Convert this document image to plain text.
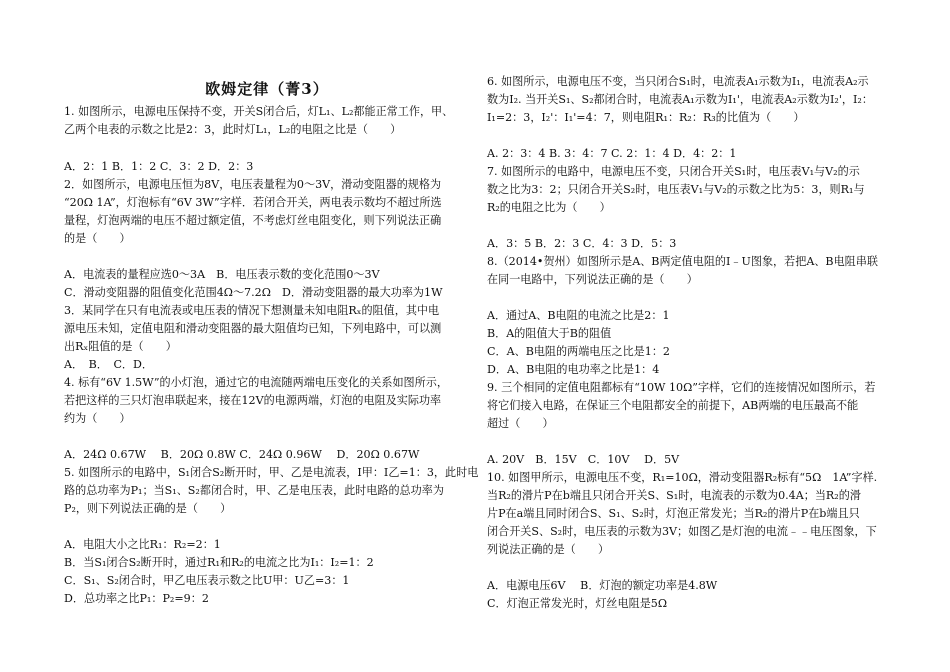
欧姆定律（菁3）
1. 如图所示，电源电压保持不变，开关S闭合后，灯L₁、L₂都能正常工作，甲、
乙两个电表的示数之比是2：3，此时灯L₁，L₂的电阻之比是（　　）
A．2：1 B．1：2 C．3：2 D．2：3
2．如图所示，电源电压恒为8V，电压表量程为0～3V，滑动变阻器的规格为
“20Ω 1A”，灯泡标有“6V 3W”字样．若闭合开关，两电表示数均不超过所选
量程，灯泡两端的电压不超过额定值，不考虑灯丝电阻变化，则下列说法正确
的是（　　）
A．电流表的量程应选0～3A　B．电压表示数的变化范围0～3V
C．滑动变阻器的阻值变化范围4Ω～7.2Ω　D．滑动变阻器的最大功率为1W
3．某同学在只有电流表或电压表的情况下想测量未知电阻Rₓ的阻值，其中电
源电压未知，定值电阻和滑动变阻器的最大阻值均已知，下列电路中，可以测
出Rₓ阻值的是（　　）
A．　B．　C．D．
4. 标有“6V 1.5W”的小灯泡，通过它的电流随两端电压变化的关系如图所示，
若把这样的三只灯泡串联起来，接在12V的电源两端，灯泡的电阻及实际功率
约为（　　）
A．24Ω 0.67W　 B．20Ω 0.8W C．24Ω 0.96W　 D．20Ω 0.67W
5. 如图所示的电路中，S₁闭合S₂断开时，甲、乙是电流表，I甲：I乙=1：3，此时电
路的总功率为P₁；当S₁、S₂都闭合时，甲、乙是电压表，此时电路的总功率为
P₂，则下列说法正确的是（　　）
A．电阻大小之比R₁：R₂=2：1
B．当S₁闭合S₂断开时，通过R₁和R₂的电流之比为I₁：I₂=1：2
C．S₁、S₂闭合时，甲乙电压表示数之比U甲：U乙=3：1
D．总功率之比P₁：P₂=9：2
6. 如图所示，电源电压不变，当只闭合S₁时，电流表A₁示数为I₁，电流表A₂示
数为I₂. 当开关S₁、S₂都闭合时，电流表A₁示数为I₁'，电流表A₂示数为I₂'，I₂：
I₁=2：3，I₂'：I₁'=4：7，则电阻R₁：R₂：R₃的比值为（　　）
A. 2：3：4 B. 3：4：7 C. 2：1：4 D．4：2：1
7. 如图所示的电路中，电源电压不变，只闭合开关S₁时，电压表V₁与V₂的示
数之比为3：2；只闭合开关S₂时，电压表V₁与V₂的示数之比为5：3，则R₁与
R₂的电阻之比为（　　）
A．3：5 B．2：3 C．4：3 D．5：3
8.（2014•贺州）如图所示是A、B两定值电阻的I﹣U图象，若把A、B电阻串联
在同一电路中，下列说法正确的是（　　）
A．通过A、B电阻的电流之比是2：1
B．A的阻值大于B的阻值
C．A、B电阻的两端电压之比是1：2
D．A、B电阻的电功率之比是1：4
9. 三个相同的定值电阻都标有“10W 10Ω”字样，它们的连接情况如图所示，若
将它们接入电路，在保证三个电阻都安全的前提下，AB两端的电压最高不能
超过（　　）
A. 20V　B．15V　C．10V　 D．5V
10. 如图甲所示，电源电压不变，R₁=10Ω，滑动变阻器R₂标有“5Ω　1A”字样.
当R₂的滑片P在b端且只闭合开关S、S₁时，电流表的示数为0.4A；当R₂的滑
片P在a端且同时闭合S、S₁、S₂时，灯泡正常发光；当R₂的滑片P在b端且只
闭合开关S、S₂时，电压表的示数为3V；如图乙是灯泡的电流﹣﹣电压图象，下
列说法正确的是（　　）
A．电源电压6V　 B．灯泡的额定功率是4.8W
C．灯泡正常发光时，灯丝电阻是5Ω
